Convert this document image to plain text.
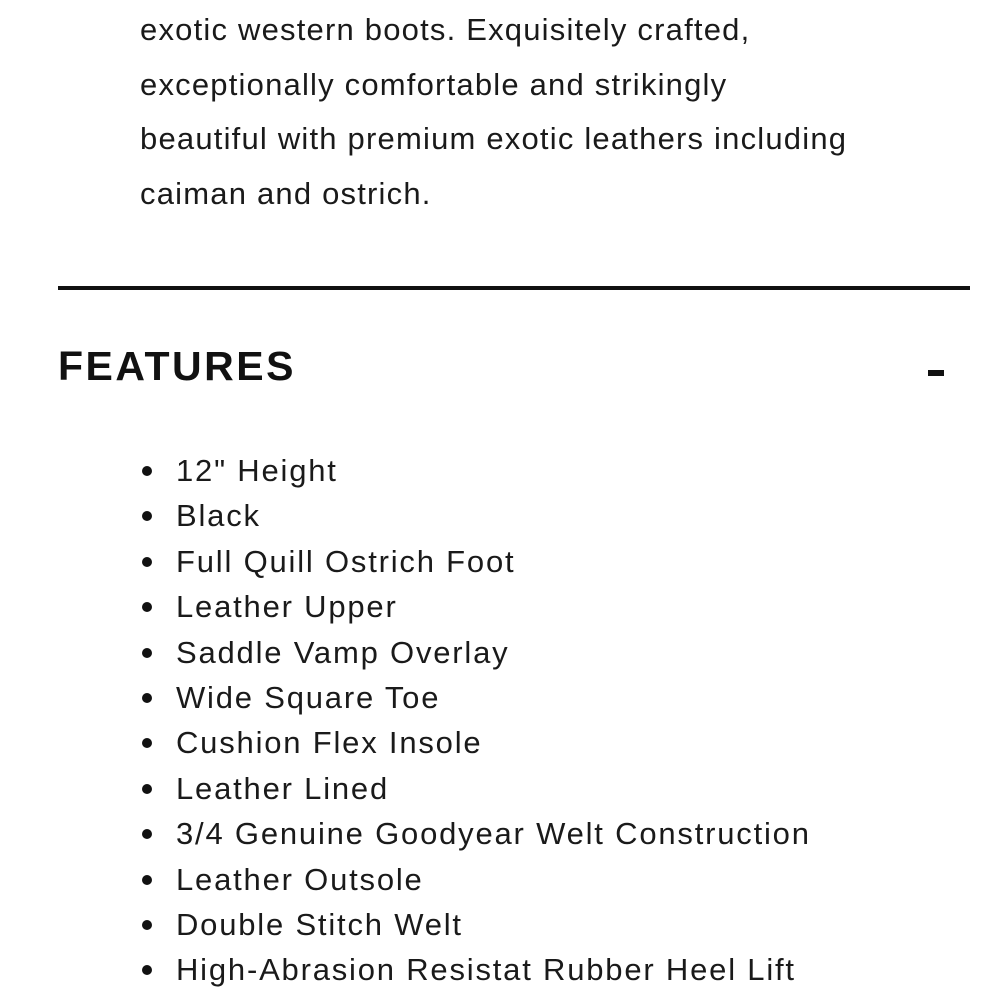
exotic western boots. Exquisitely crafted,

exceptionally comfortable and strikingly

beautiful with premium exotic leathers including

caiman and ostrich.

FEATURES
12" Height
Black
Full Quill Ostrich Foot
Leather Upper
Saddle Vamp Overlay
Wide Square Toe
Cushion Flex Insole
Leather Lined
3/4 Genuine Goodyear Welt Construction
Leather Outsole
Double Stitch Welt
High-Abrasion Resistat Rubber Heel Lift
